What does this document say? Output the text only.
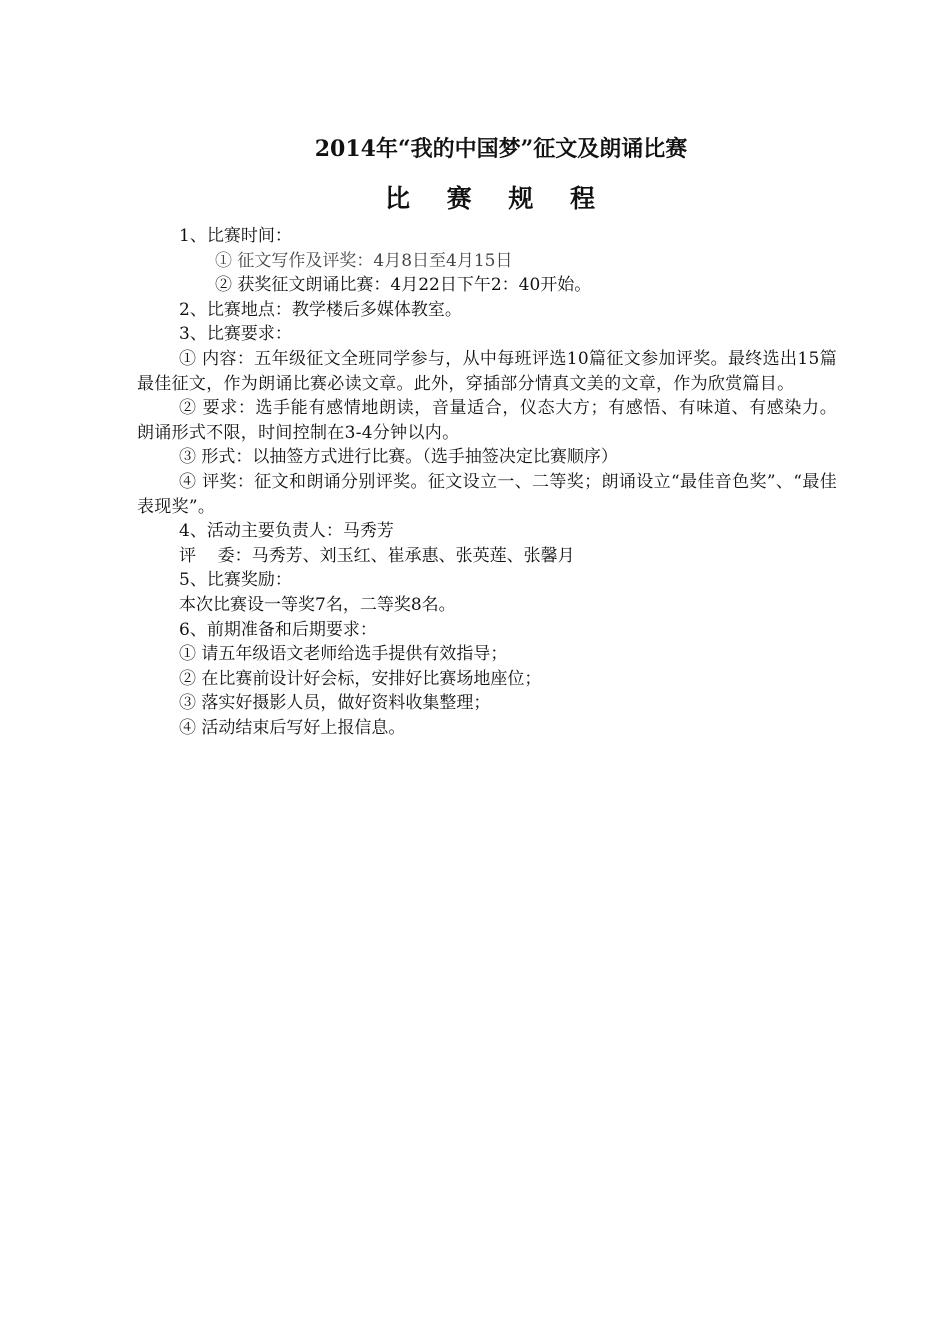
2014年“我的中国梦”征文及朗诵比赛
比 赛 规 程
1、比赛时间：
① 征文写作及评奖：4月8日至4月15日
② 获奖征文朗诵比赛：4月22日下午2：40开始。
2、比赛地点：教学楼后多媒体教室。
3、比赛要求：
① 内容：五年级征文全班同学参与，从中每班评选10篇征文参加评奖。最终选出15篇最佳征文，作为朗诵比赛必读文章。此外，穿插部分情真文美的文章，作为欣赏篇目。
② 要求：选手能有感情地朗读，音量适合，仪态大方；有感悟、有味道、有感染力。朗诵形式不限，时间控制在3-4分钟以内。
③ 形式：以抽签方式进行比赛。（选手抽签决定比赛顺序）
④ 评奖：征文和朗诵分别评奖。征文设立一、二等奖；朗诵设立“最佳音色奖”、“最佳表现奖”。
4、活动主要负责人：马秀芳
评    委：马秀芳、刘玉红、崔承惠、张英莲、张馨月
5、比赛奖励：
本次比赛设一等奖7名，二等奖8名。
6、前期准备和后期要求：
① 请五年级语文老师给选手提供有效指导；
② 在比赛前设计好会标，安排好比赛场地座位；
③ 落实好摄影人员，做好资料收集整理；
④ 活动结束后写好上报信息。
